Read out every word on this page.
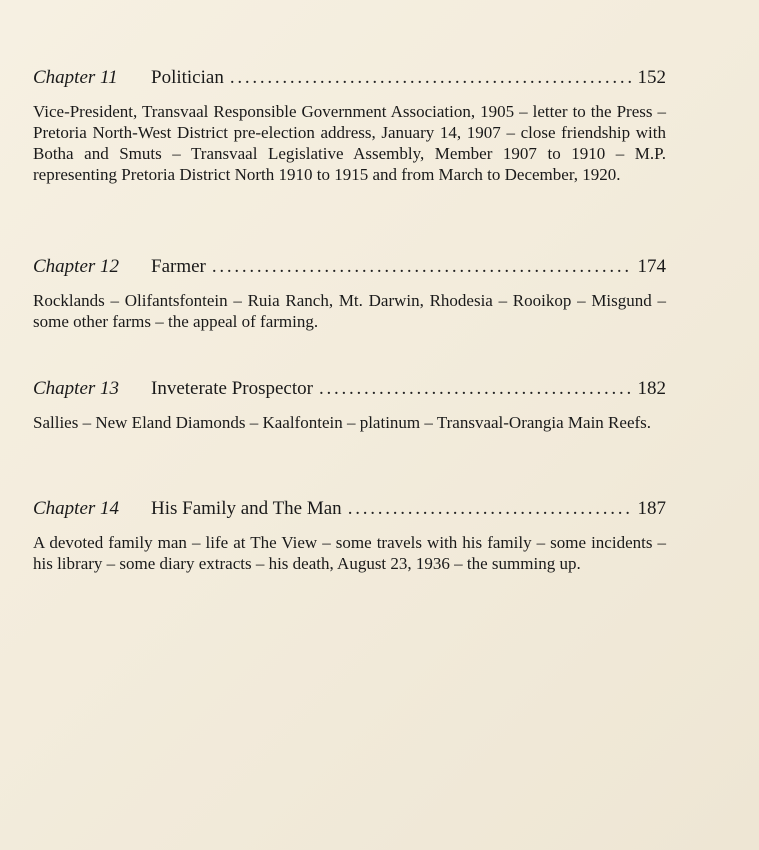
Chapter 11	Politician . . .	152
Vice-President, Transvaal Responsible Government Association, 1905 – letter to the Press – Pretoria North-West District pre-election address, January 14, 1907 – close friendship with Botha and Smuts – Transvaal Legislative Assembly, Member 1907 to 1910 – M.P. representing Pretoria District North 1910 to 1915 and from March to December, 1920.
Chapter 12	Farmer . . .	174
Rocklands – Olifantsfontein – Ruia Ranch, Mt. Darwin, Rhodesia – Rooikop – Misgund – some other farms – the appeal of farming.
Chapter 13	Inveterate Prospector . . .	182
Sallies – New Eland Diamonds – Kaalfontein – platinum – Transvaal-Orangia Main Reefs.
Chapter 14	His Family and The Man . . .	187
A devoted family man – life at The View – some travels with his family – some incidents – his library – some diary extracts – his death, August 23, 1936 – the summing up.
